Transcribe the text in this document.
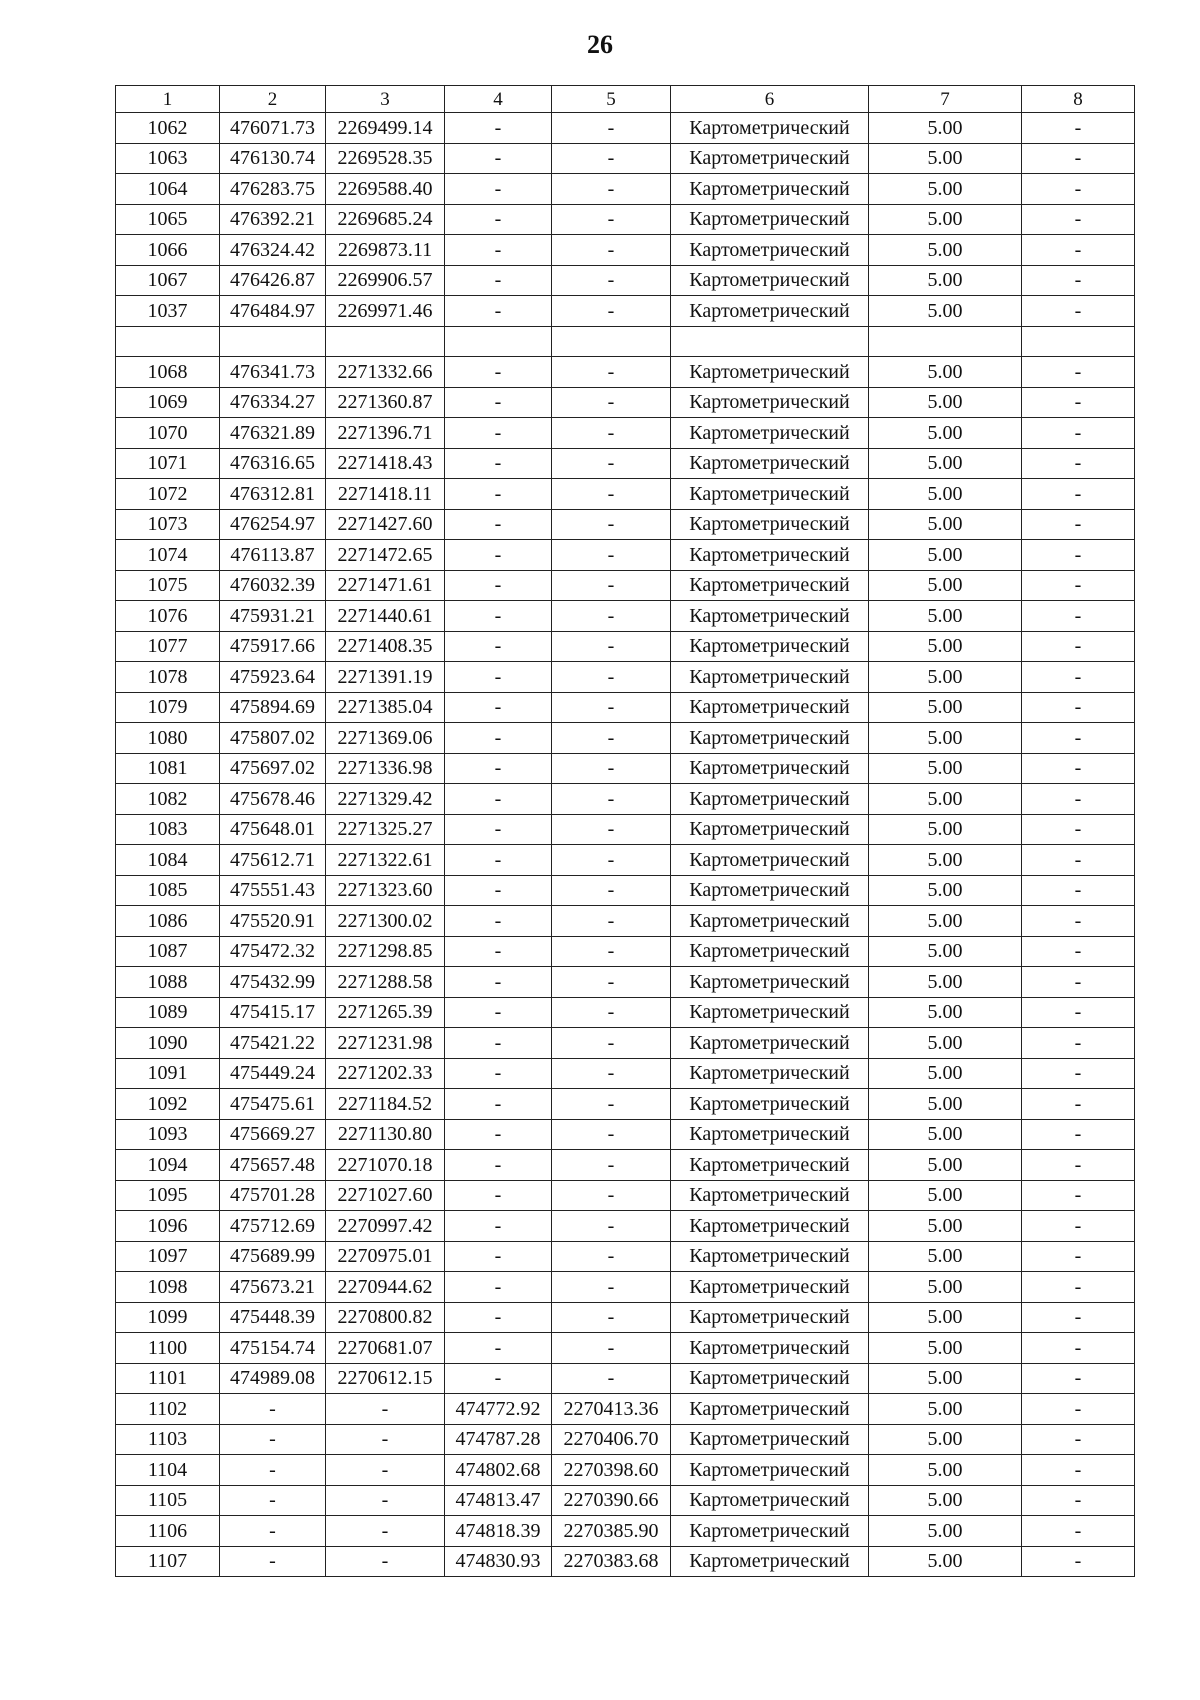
26
1	2	3	4	5	6	7	8
1062	476071.73	2269499.14	-	-	Картометрический	5.00	-
1063	476130.74	2269528.35	-	-	Картометрический	5.00	-
1064	476283.75	2269588.40	-	-	Картометрический	5.00	-
1065	476392.21	2269685.24	-	-	Картометрический	5.00	-
1066	476324.42	2269873.11	-	-	Картометрический	5.00	-
1067	476426.87	2269906.57	-	-	Картометрический	5.00	-
1037	476484.97	2269971.46	-	-	Картометрический	5.00	-

1068	476341.73	2271332.66	-	-	Картометрический	5.00	-
1069	476334.27	2271360.87	-	-	Картометрический	5.00	-
1070	476321.89	2271396.71	-	-	Картометрический	5.00	-
1071	476316.65	2271418.43	-	-	Картометрический	5.00	-
1072	476312.81	2271418.11	-	-	Картометрический	5.00	-
1073	476254.97	2271427.60	-	-	Картометрический	5.00	-
1074	476113.87	2271472.65	-	-	Картометрический	5.00	-
1075	476032.39	2271471.61	-	-	Картометрический	5.00	-
1076	475931.21	2271440.61	-	-	Картометрический	5.00	-
1077	475917.66	2271408.35	-	-	Картометрический	5.00	-
1078	475923.64	2271391.19	-	-	Картометрический	5.00	-
1079	475894.69	2271385.04	-	-	Картометрический	5.00	-
1080	475807.02	2271369.06	-	-	Картометрический	5.00	-
1081	475697.02	2271336.98	-	-	Картометрический	5.00	-
1082	475678.46	2271329.42	-	-	Картометрический	5.00	-
1083	475648.01	2271325.27	-	-	Картометрический	5.00	-
1084	475612.71	2271322.61	-	-	Картометрический	5.00	-
1085	475551.43	2271323.60	-	-	Картометрический	5.00	-
1086	475520.91	2271300.02	-	-	Картометрический	5.00	-
1087	475472.32	2271298.85	-	-	Картометрический	5.00	-
1088	475432.99	2271288.58	-	-	Картометрический	5.00	-
1089	475415.17	2271265.39	-	-	Картометрический	5.00	-
1090	475421.22	2271231.98	-	-	Картометрический	5.00	-
1091	475449.24	2271202.33	-	-	Картометрический	5.00	-
1092	475475.61	2271184.52	-	-	Картометрический	5.00	-
1093	475669.27	2271130.80	-	-	Картометрический	5.00	-
1094	475657.48	2271070.18	-	-	Картометрический	5.00	-
1095	475701.28	2271027.60	-	-	Картометрический	5.00	-
1096	475712.69	2270997.42	-	-	Картометрический	5.00	-
1097	475689.99	2270975.01	-	-	Картометрический	5.00	-
1098	475673.21	2270944.62	-	-	Картометрический	5.00	-
1099	475448.39	2270800.82	-	-	Картометрический	5.00	-
1100	475154.74	2270681.07	-	-	Картометрический	5.00	-
1101	474989.08	2270612.15	-	-	Картометрический	5.00	-
1102	-	-	474772.92	2270413.36	Картометрический	5.00	-
1103	-	-	474787.28	2270406.70	Картометрический	5.00	-
1104	-	-	474802.68	2270398.60	Картометрический	5.00	-
1105	-	-	474813.47	2270390.66	Картометрический	5.00	-
1106	-	-	474818.39	2270385.90	Картометрический	5.00	-
1107	-	-	474830.93	2270383.68	Картометрический	5.00	-
